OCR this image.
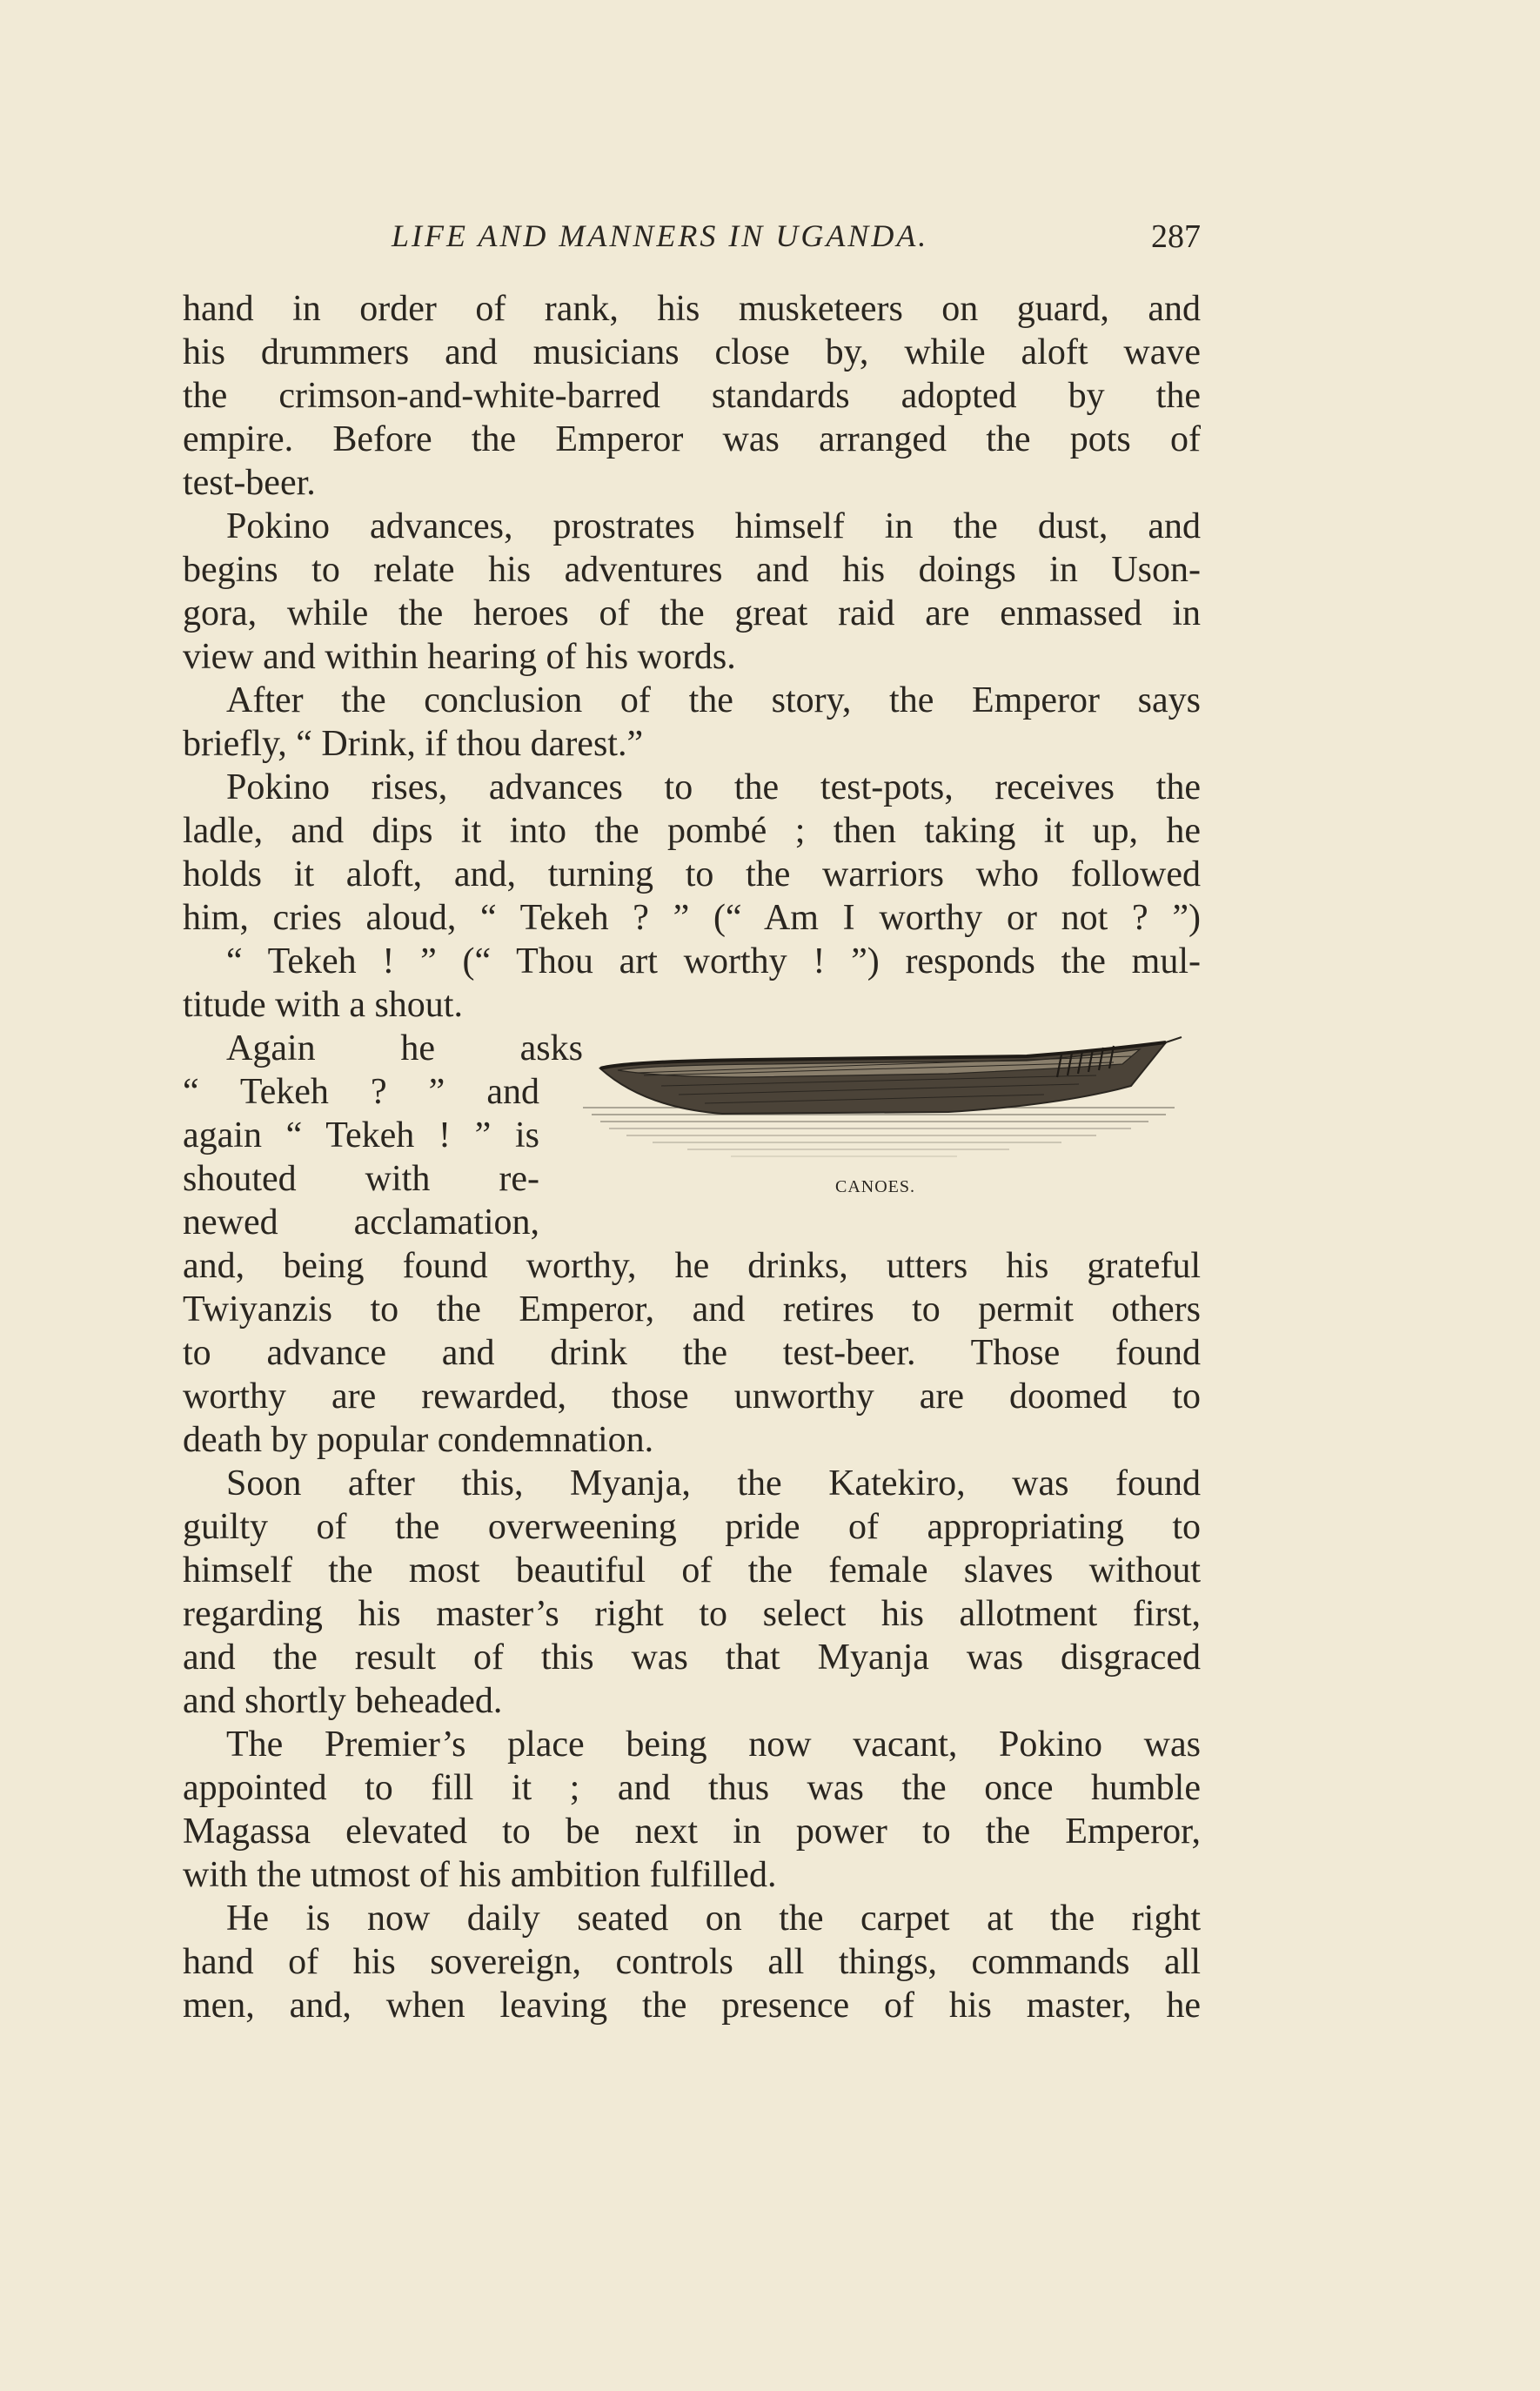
LIFE AND MANNERS IN UGANDA.	287
hand in order of rank, his musketeers on guard, and
his drummers and musicians close by, while aloft wave
the crimson-and-white-barred standards adopted by the
empire. Before the Emperor was arranged the pots of
test-beer.
Pokino advances, prostrates himself in the dust, and
begins to relate his adventures and his doings in Uson-
gora, while the heroes of the great raid are enmassed in
view and within hearing of his words.
After the conclusion of the story, the Emperor says
briefly, “ Drink, if thou darest.”
Pokino rises, advances to the test-pots, receives the
ladle, and dips it into the pombé ; then taking it up, he
holds it aloft, and, turning to the warriors who followed
him, cries aloud, “ Tekeh ? ” (“ Am I worthy or not ? ”)
“ Tekeh ! ” (“ Thou art worthy ! ”) responds the mul-
titude with a shout.
Again he asks
“ Tekeh ? ” and
again “ Tekeh ! ” is
shouted with re-
newed acclamation,
and, being found worthy, he drinks, utters his grateful
Twiyanzis to the Emperor, and retires to permit others
to advance and drink the test-beer. Those found
worthy are rewarded, those unworthy are doomed to
death by popular condemnation.
Soon after this, Myanja, the Katekiro, was found
guilty of the overweening pride of appropriating to
himself the most beautiful of the female slaves without
regarding his master’s right to select his allotment first,
and the result of this was that Myanja was disgraced
and shortly beheaded.
The Premier’s place being now vacant, Pokino was
appointed to fill it ; and thus was the once humble
Magassa elevated to be next in power to the Emperor,
with the utmost of his ambition fulfilled.
He is now daily seated on the carpet at the right
hand of his sovereign, controls all things, commands all
men, and, when leaving the presence of his master, he
CANOES.
